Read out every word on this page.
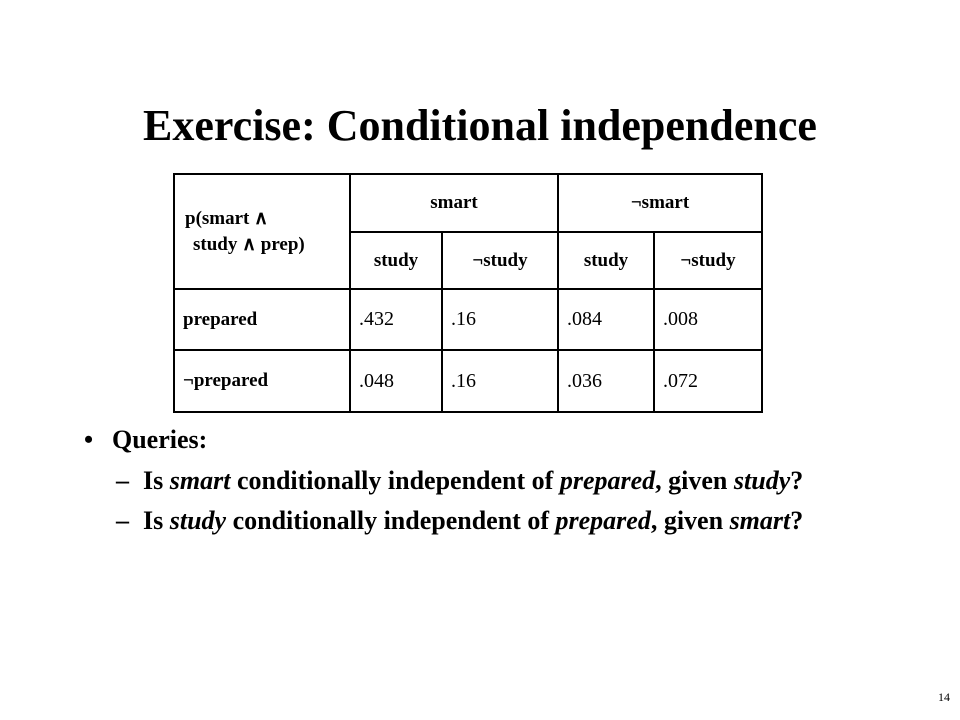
Exercise: Conditional independence
p(smart ∧
study ∧ prep)	smart		¬smart	
	study	¬study	study	¬study
prepared	.432	.16	.084	.008
¬prepared	.048	.16	.036	.072
• Queries:
– Is smart conditionally independent of prepared, given study?
– Is study conditionally independent of prepared, given smart?
14
